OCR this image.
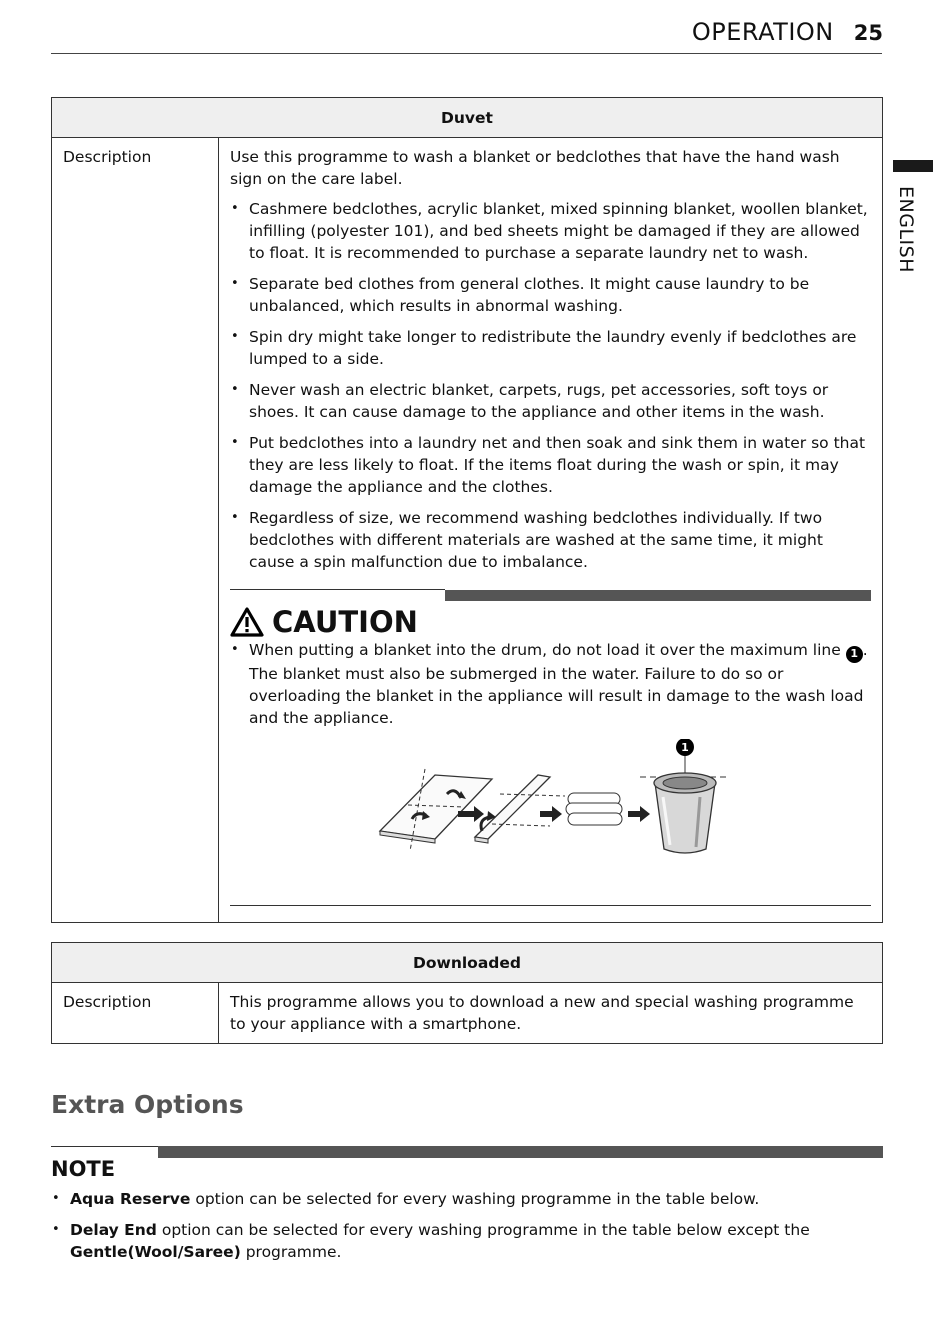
OPERATION 25
ENGLISH
Duvet
Description	Use this programme to wash a blanket or bedclothes that have the hand wash sign on the care label.

• Cashmere bedclothes, acrylic blanket, mixed spinning blanket, woollen blanket, infilling (polyester 101), and bed sheets might be damaged if they are allowed to float. It is recommended to purchase a separate laundry net to wash.
• Separate bed clothes from general clothes. It might cause laundry to be unbalanced, which results in abnormal washing.
• Spin dry might take longer to redistribute the laundry evenly if bedclothes are lumped to a side.
• Never wash an electric blanket, carpets, rugs, pet accessories, soft toys or shoes. It can cause damage to the appliance and other items in the wash.
• Put bedclothes into a laundry net and then soak and sink them in water so that they are less likely to float. If the items float during the wash or spin, it may damage the appliance and the clothes.
• Regardless of size, we recommend washing bedclothes individually. If two bedclothes with different materials are washed at the same time, it might cause a spin malfunction due to imbalance.
CAUTION
• When putting a blanket into the drum, do not load it over the maximum line 1 . The blanket must also be submerged in the water. Failure to do so or overloading the blanket in the appliance will result in damage to the wash load and the appliance.
1
Downloaded
Description	This programme allows you to download a new and special washing programme to your appliance with a smartphone.
Extra Options
NOTE
• Aqua Reserve option can be selected for every washing programme in the table below.
• Delay End option can be selected for every washing programme in the table below except the Gentle(Wool/Saree) programme.
